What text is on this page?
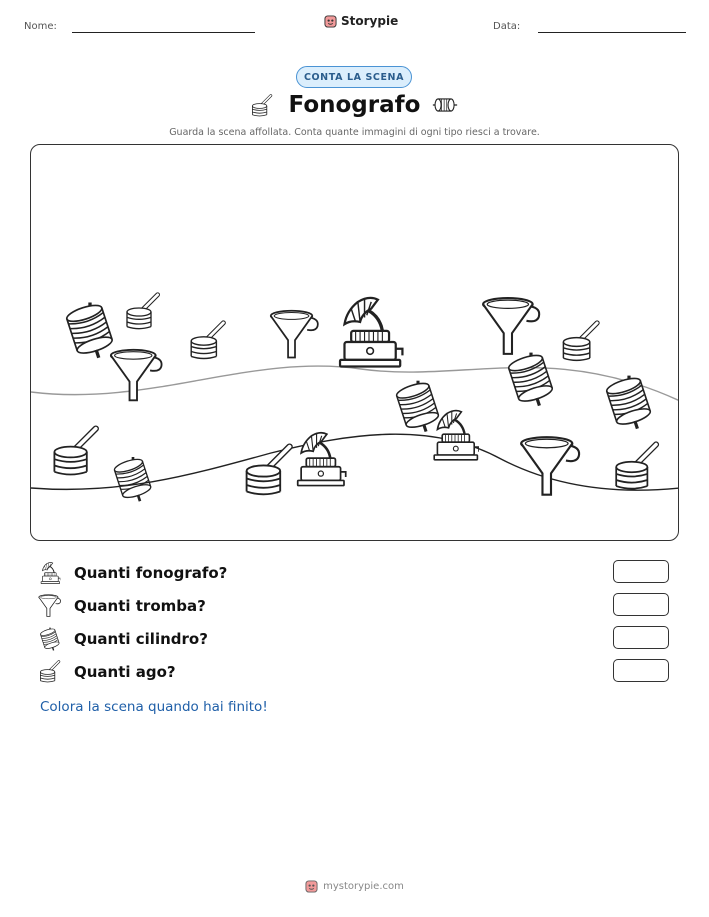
Nome:	Storypie	Data:
CONTA LA SCENA
Fonografo
Guarda la scena affollata. Conta quante immagini di ogni tipo riesci a trovare.
Quanti fonografo?
Quanti tromba?
Quanti cilindro?
Quanti ago?
Colora la scena quando hai finito!
mystorypie.com
